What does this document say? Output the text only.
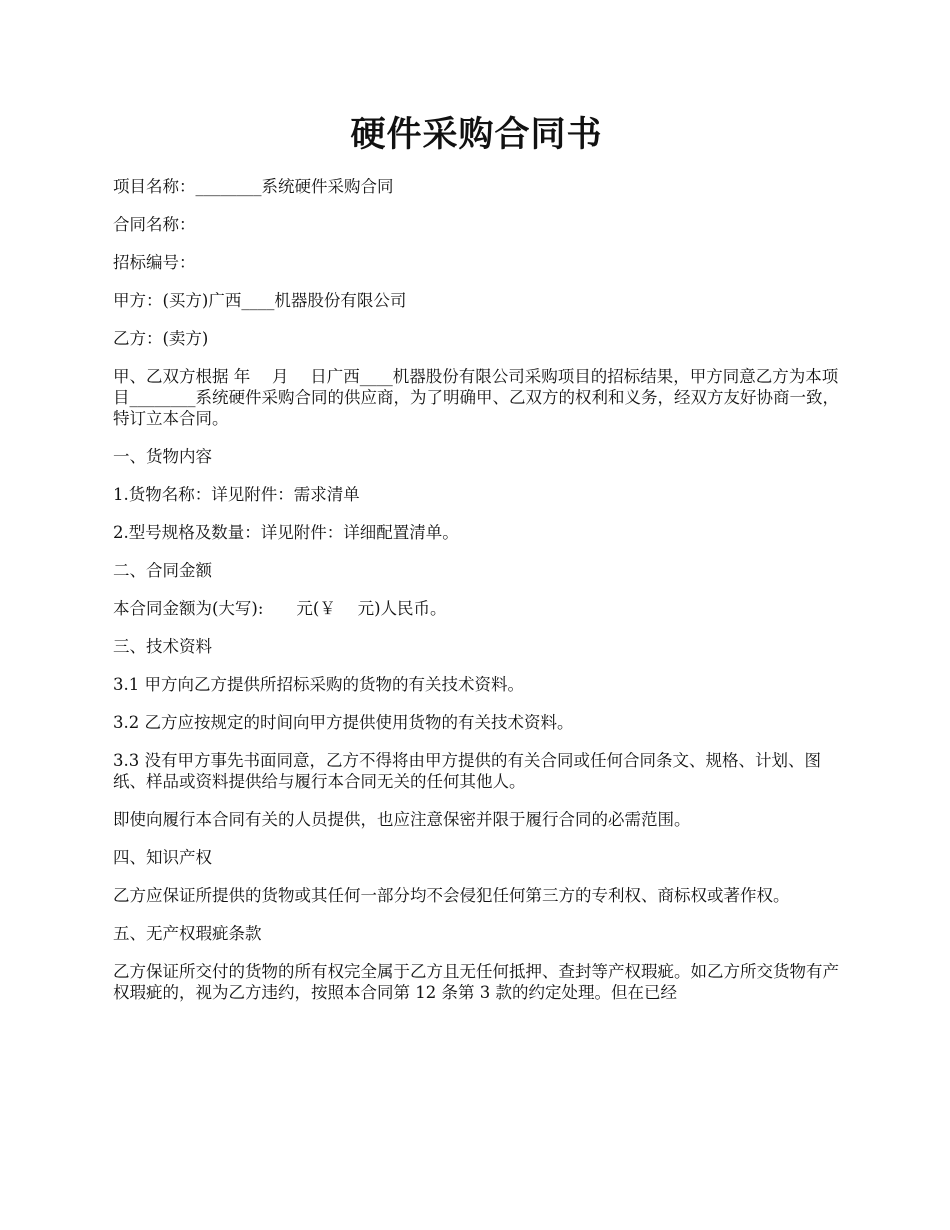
硬件采购合同书

项目名称：________系统硬件采购合同

合同名称：

招标编号：

甲方：(买方)广西____机器股份有限公司

乙方：(卖方)

甲、乙双方根据 年　 月　 日广西____机器股份有限公司采购项目的招标结果，甲方同意乙方为本项目________系统硬件采购合同的供应商，为了明确甲、乙双方的权利和义务，经双方友好协商一致，特订立本合同。

一、货物内容

1.货物名称：详见附件：需求清单

2.型号规格及数量：详见附件：详细配置清单。

二、合同金额

本合同金额为(大写):　　元(￥　 元)人民币。

三、技术资料

3.1 甲方向乙方提供所招标采购的货物的有关技术资料。

3.2 乙方应按规定的时间向甲方提供使用货物的有关技术资料。

3.3 没有甲方事先书面同意，乙方不得将由甲方提供的有关合同或任何合同条文、规格、计划、图纸、样品或资料提供给与履行本合同无关的任何其他人。

即使向履行本合同有关的人员提供，也应注意保密并限于履行合同的必需范围。

四、知识产权

乙方应保证所提供的货物或其任何一部分均不会侵犯任何第三方的专利权、商标权或著作权。

五、无产权瑕疵条款

乙方保证所交付的货物的所有权完全属于乙方且无任何抵押、查封等产权瑕疵。如乙方所交货物有产权瑕疵的，视为乙方违约，按照本合同第 12 条第 3 款的约定处理。但在已经
